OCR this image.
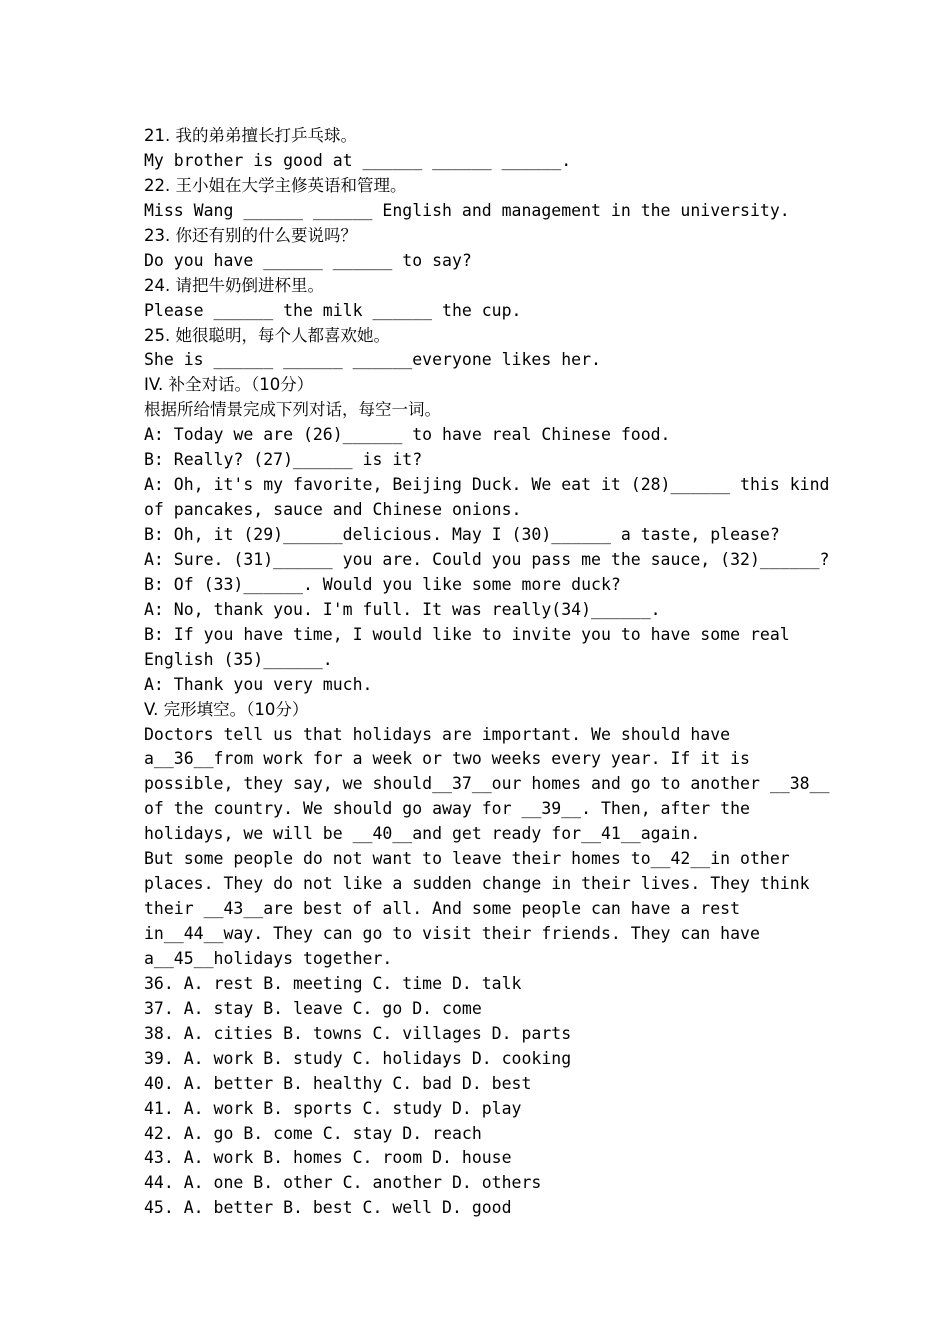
21. 我的弟弟擅长打乒乓球。
My brother is good at ______ ______ ______.
22. 王小姐在大学主修英语和管理。
Miss Wang ______ ______ English and management in the university.
23. 你还有别的什么要说吗？
Do you have ______ ______ to say?
24. 请把牛奶倒进杯里。
Please ______ the milk ______ the cup.
25. 她很聪明，每个人都喜欢她。
She is ______ ______ ______everyone likes her.
IV. 补全对话。（10分）
根据所给情景完成下列对话，每空一词。
A: Today we are (26)______ to have real Chinese food.
B: Really? (27)______ is it?
A: Oh, it's my favorite, Beijing Duck. We eat it (28)______ this kind
of pancakes, sauce and Chinese onions.
B: Oh, it (29)______delicious. May I (30)______ a taste, please?
A: Sure. (31)______ you are. Could you pass me the sauce, (32)______?
B: Of (33)______. Would you like some more duck?
A: No, thank you. I'm full. It was really(34)______.
B: If you have time, I would like to invite you to have some real
English (35)______.
A: Thank you very much.
V. 完形填空。（10分）
Doctors tell us that holidays are important. We should have
a__36__from work for a week or two weeks every year. If it is
possible, they say, we should__37__our homes and go to another __38__
of the country. We should go away for __39__. Then, after the
holidays, we will be __40__and get ready for__41__again.
But some people do not want to leave their homes to__42__in other
places. They do not like a sudden change in their lives. They think
their __43__are best of all. And some people can have a rest
in__44__way. They can go to visit their friends. They can have
a__45__holidays together.
36. A. rest B. meeting C. time D. talk
37. A. stay B. leave C. go D. come
38. A. cities B. towns C. villages D. parts
39. A. work B. study C. holidays D. cooking
40. A. better B. healthy C. bad D. best
41. A. work B. sports C. study D. play
42. A. go B. come C. stay D. reach
43. A. work B. homes C. room D. house
44. A. one B. other C. another D. others
45. A. better B. best C. well D. good
